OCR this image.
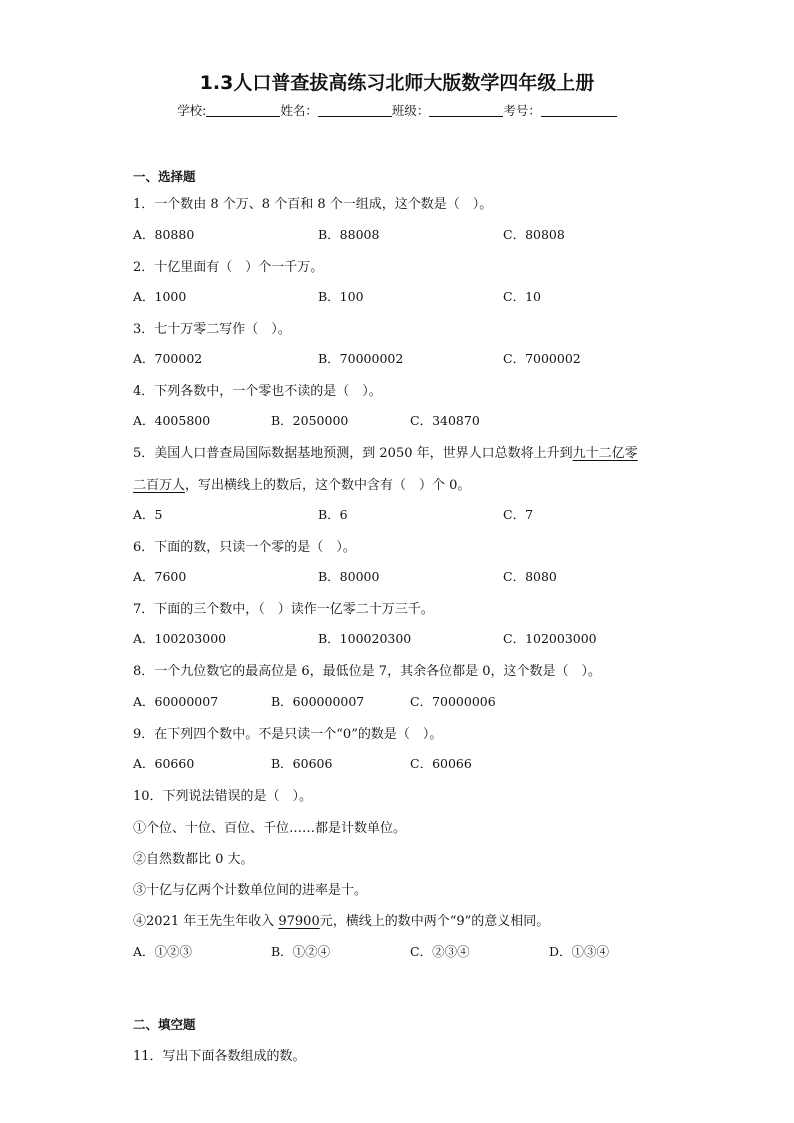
1.3人口普查拔高练习北师大版数学四年级上册
学校:	姓名：	班级：	考号：
一、选择题
1．一个数由 8 个万、8 个百和 8 个一组成，这个数是（　）。
A．80880	B．88008	C．80808
2．十亿里面有（　）个一千万。
A．1000	B．100	C．10
3．七十万零二写作（　）。
A．700002	B．70000002	C．7000002
4．下列各数中，一个零也不读的是（　）。
A．4005800	B．2050000	C．340870
5．美国人口普查局国际数据基地预测，到 2050 年，世界人口总数将上升到九十二亿零
二百万人，写出横线上的数后，这个数中含有（　）个 0。
A．5	B．6	C．7
6．下面的数，只读一个零的是（　）。
A．7600	B．80000	C．8080
7．下面的三个数中，（　）读作一亿零二十万三千。
A．100203000	B．100020300	C．102003000
8．一个九位数它的最高位是 6，最低位是 7，其余各位都是 0，这个数是（　）。
A．60000007	B．600000007	C．70000006
9．在下列四个数中。不是只读一个“0”的数是（　）。
A．60660	B．60606	C．60066
10．下列说法错误的是（　）。
①个位、十位、百位、千位……都是计数单位。
②自然数都比 0 大。
③十亿与亿两个计数单位间的进率是十。
④2021 年王先生年收入 97900元，横线上的数中两个“9”的意义相同。
A．①②③	B．①②④	C．②③④	D．①③④
二、填空题
11．写出下面各数组成的数。
